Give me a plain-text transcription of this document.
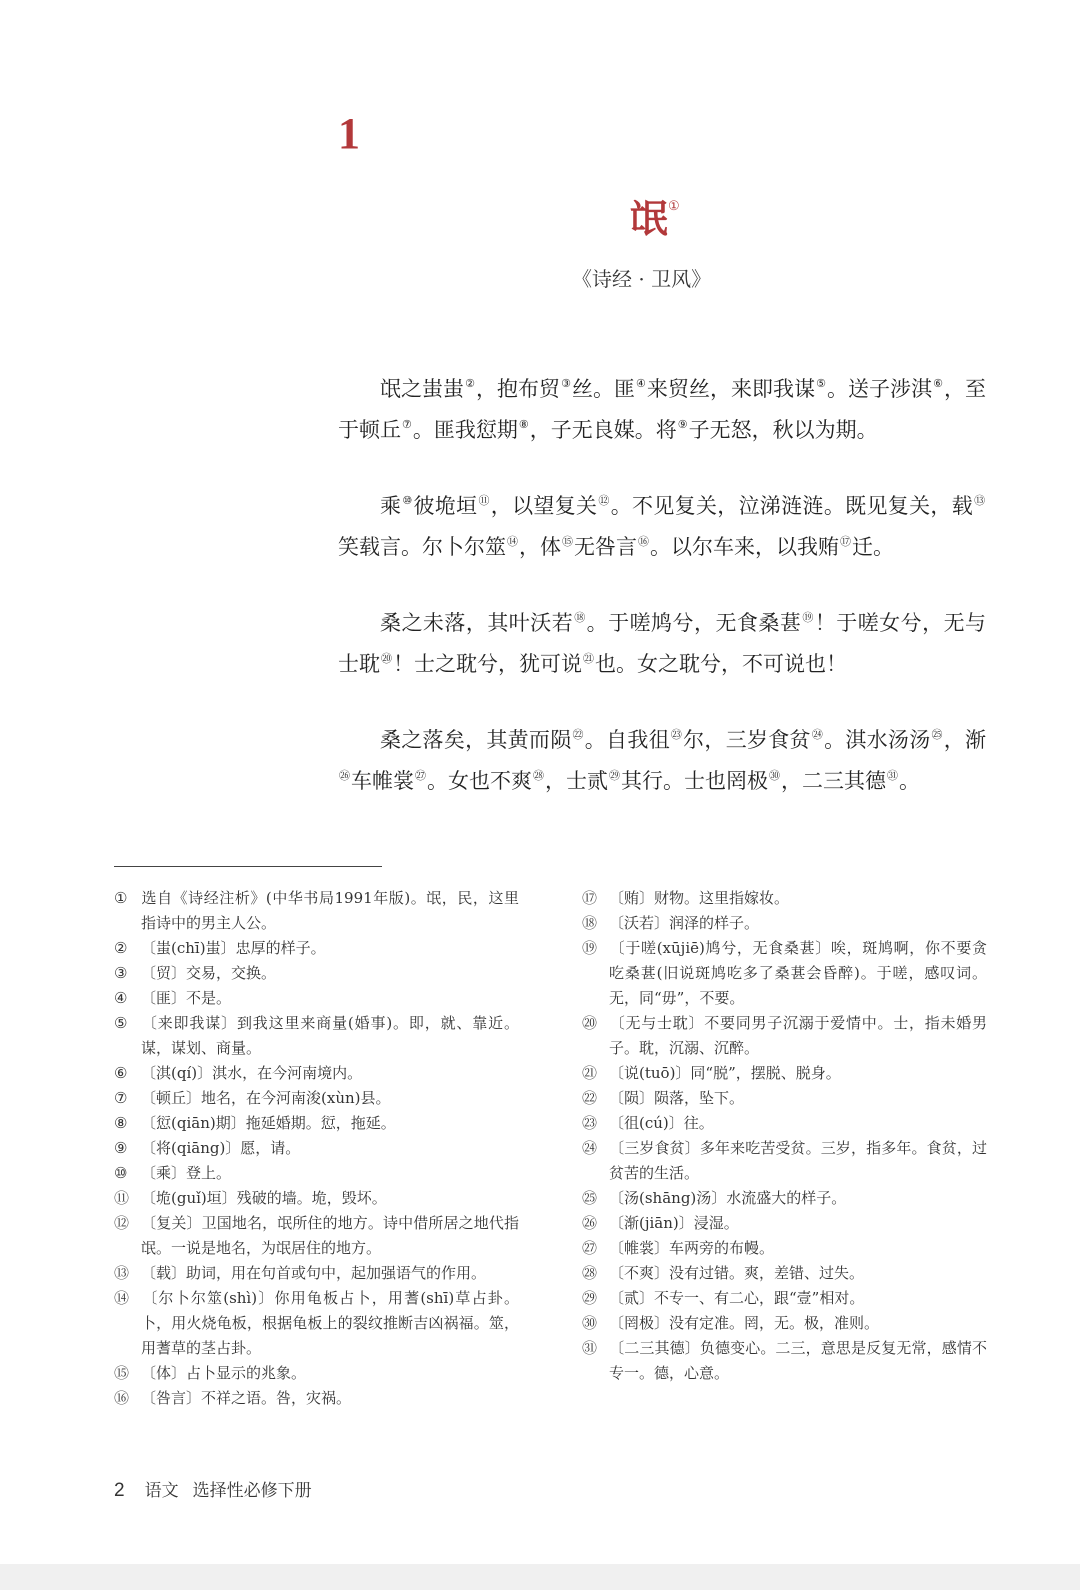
1
氓①
《诗经 · 卫风》

氓之蚩蚩②，抱布贸③丝。匪④来贸丝，来即我谋⑤。送子涉淇⑥，至于顿丘⑦。匪我愆期⑧，子无良媒。将⑨子无怒，秋以为期。

乘⑩彼垝垣⑪，以望复关⑫。不见复关，泣涕涟涟。既见复关，载⑬笑载言。尔卜尔筮⑭，体⑮无咎言⑯。以尔车来，以我贿⑰迁。

桑之未落，其叶沃若⑱。于嗟鸠兮，无食桑葚⑲！于嗟女兮，无与士耽⑳！士之耽兮，犹可说$^㉑$也。女之耽兮，不可说也！

桑之落矣，其黄而陨$^㉒$。自我徂$^㉓$尔，三岁食贫$^㉔$。淇水汤汤$^㉕$，渐$^㉖$车帷裳$^㉗$。女也不爽$^㉘$，士贰$^㉙$其行。士也罔极$^㉚$，二三其德$^㉛$。

① 选自《诗经注析》(中华书局1991年版)。氓，民，这里指诗中的男主人公。

② 〔蚩(chī)蚩〕忠厚的样子。

③ 〔贸〕交易，交换。

④ 〔匪〕不是。

⑤ 〔来即我谋〕到我这里来商量(婚事)。即，就、靠近。谋，谋划、商量。

⑥ 〔淇(qí)〕淇水，在今河南境内。

⑦ 〔顿丘〕地名，在今河南浚(xùn)县。

⑧ 〔愆(qiān)期〕拖延婚期。愆，拖延。

⑨ 〔将(qiāng)〕愿，请。

⑩ 〔乘〕登上。

⑪ 〔垝(guǐ)垣〕残破的墙。垝，毁坏。

⑫ 〔复关〕卫国地名，氓所住的地方。诗中借所居之地代指氓。一说是地名，为氓居住的地方。

⑬ 〔载〕助词，用在句首或句中，起加强语气的作用。

⑭ 〔尔卜尔筮(shì)〕你用龟板占卜，用蓍(shī)草占卦。卜，用火烧龟板，根据龟板上的裂纹推断吉凶祸福。筮，用蓍草的茎占卦。

⑮ 〔体〕占卜显示的兆象。

⑯ 〔咎言〕不祥之语。咎，灾祸。

⑰ 〔贿〕财物。这里指嫁妆。

⑱ 〔沃若〕润泽的样子。

⑲ 〔于嗟(xūjiē)鸠兮，无食桑葚〕唉，斑鸠啊，你不要贪吃桑葚(旧说斑鸠吃多了桑葚会昏醉)。于嗟，感叹词。无，同“毋”，不要。

⑳ 〔无与士耽〕不要同男子沉溺于爱情中。士，指未婚男子。耽，沉溺、沉醉。

㉑ 〔说(tuō)〕同“脱”，摆脱、脱身。

㉒ 〔陨〕陨落，坠下。

㉓ 〔徂(cú)〕往。

㉔ 〔三岁食贫〕多年来吃苦受贫。三岁，指多年。食贫，过贫苦的生活。

㉕ 〔汤(shāng)汤〕水流盛大的样子。

㉖ 〔渐(jiān)〕浸湿。

㉗ 〔帷裳〕车两旁的布幔。

㉘ 〔不爽〕没有过错。爽，差错、过失。

㉙ 〔贰〕不专一、有二心，跟“壹”相对。

㉚ 〔罔极〕没有定准。罔，无。极，准则。

㉛ 〔二三其德〕负德变心。二三，意思是反复无常，感情不专一。德，心意。

2 语文 选择性必修下册
